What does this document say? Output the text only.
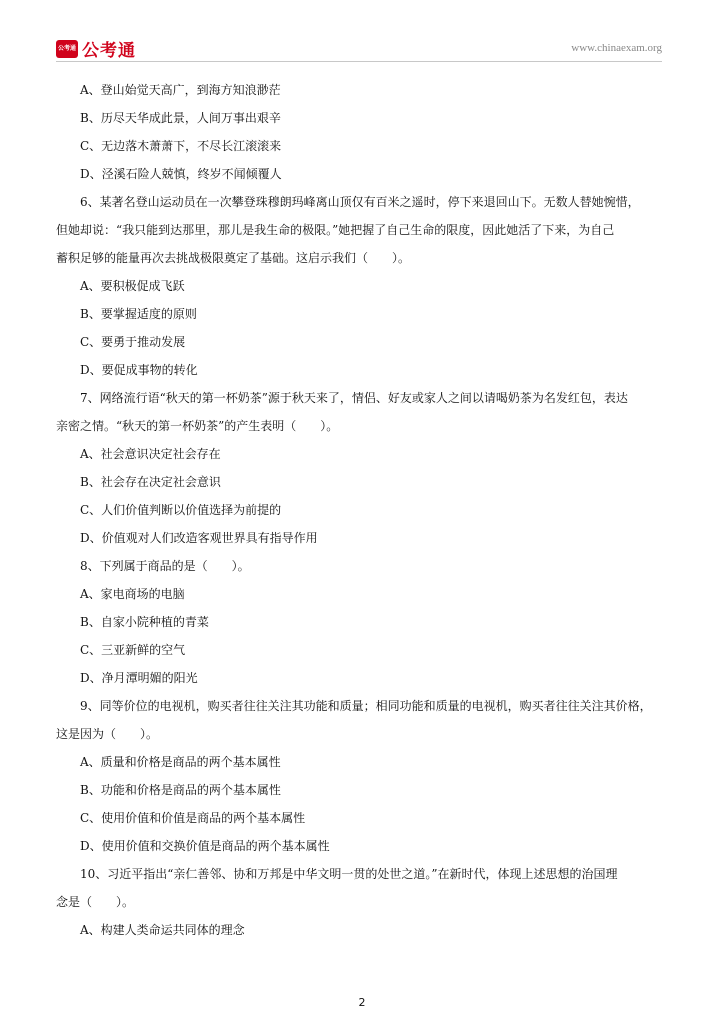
公考通 公考通	www.chinaexam.org
A、登山始觉天高广，到海方知浪渺茫
B、历尽天华成此景，人间万事出艰辛
C、无边落木萧萧下，不尽长江滚滚来
D、泾溪石险人兢慎，终岁不闻倾覆人
6、某著名登山运动员在一次攀登珠穆朗玛峰离山顶仅有百米之遥时，停下来退回山下。无数人替她惋惜，
但她却说：“我只能到达那里，那儿是我生命的极限。”她把握了自己生命的限度，因此她活了下来，为自己
蓄积足够的能量再次去挑战极限奠定了基础。这启示我们（　　）。
A、要积极促成飞跃
B、要掌握适度的原则
C、要勇于推动发展
D、要促成事物的转化
7、网络流行语“秋天的第一杯奶茶”源于秋天来了，情侣、好友或家人之间以请喝奶茶为名发红包，表达
亲密之情。“秋天的第一杯奶茶”的产生表明（　　）。
A、社会意识决定社会存在
B、社会存在决定社会意识
C、人们价值判断以价值选择为前提的
D、价值观对人们改造客观世界具有指导作用
8、下列属于商品的是（　　）。
A、家电商场的电脑
B、自家小院种植的青菜
C、三亚新鲜的空气
D、净月潭明媚的阳光
9、同等价位的电视机，购买者往往关注其功能和质量；相同功能和质量的电视机，购买者往往关注其价格，
这是因为（　　）。
A、质量和价格是商品的两个基本属性
B、功能和价格是商品的两个基本属性
C、使用价值和价值是商品的两个基本属性
D、使用价值和交换价值是商品的两个基本属性
10、习近平指出“亲仁善邻、协和万邦是中华文明一贯的处世之道。”在新时代，体现上述思想的治国理
念是（　　）。
A、构建人类命运共同体的理念
2
